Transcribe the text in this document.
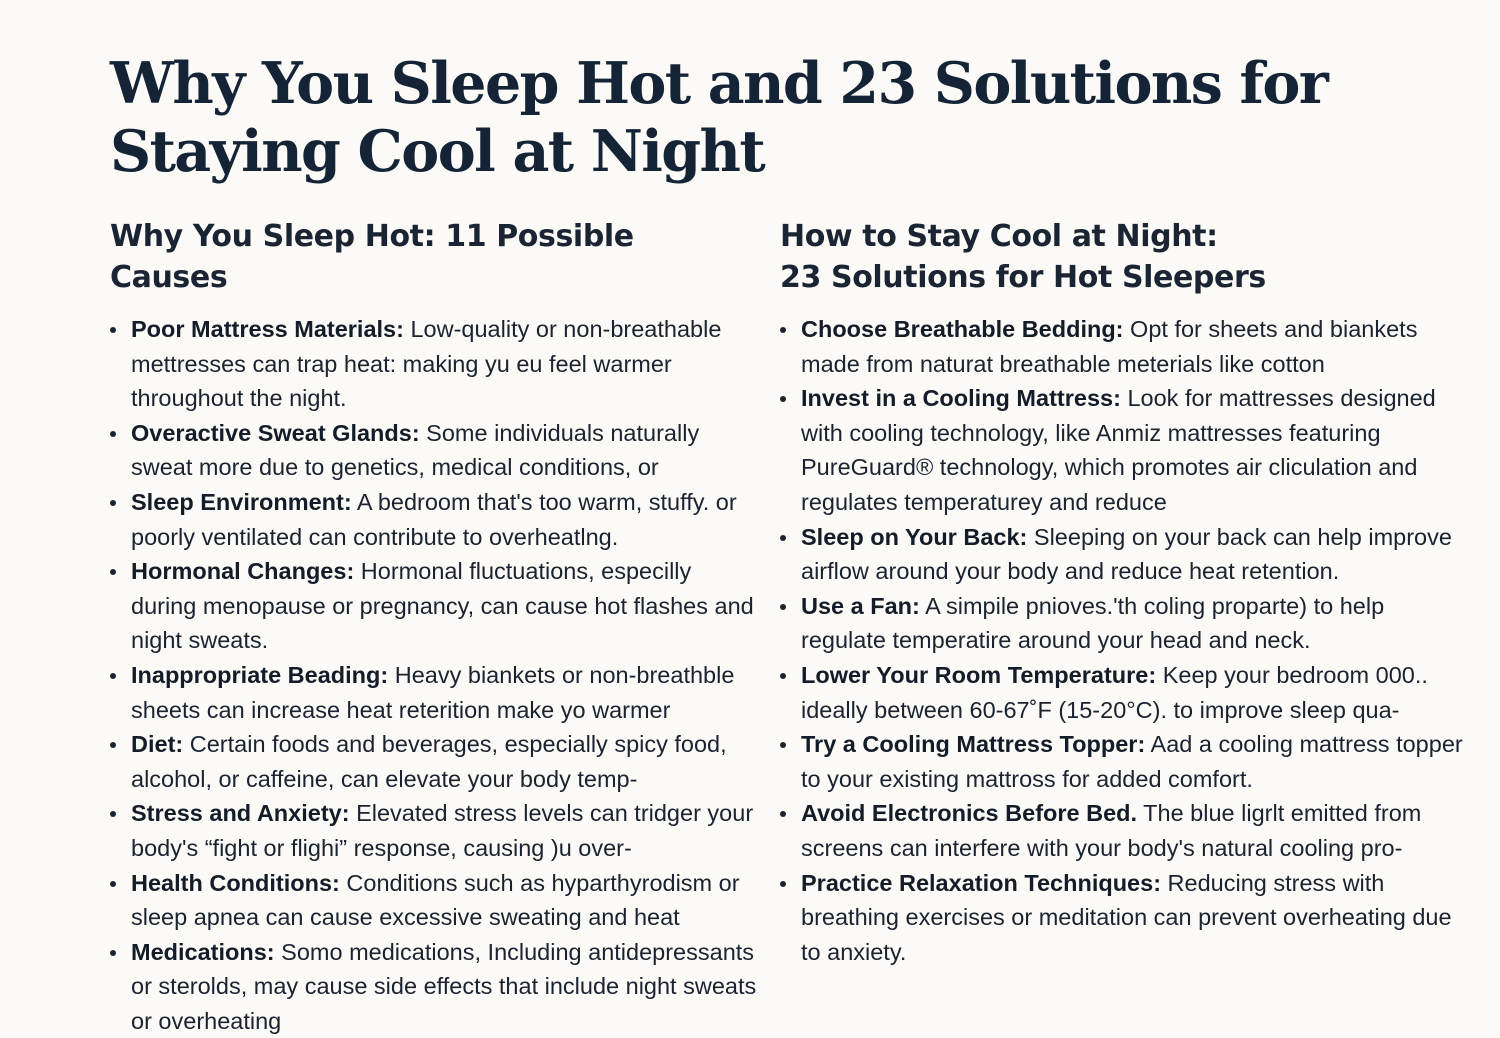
Why You Sleep Hot and 23 Solutions for Staying Cool at Night
Why You Sleep Hot: 11 Possible Causes
Poor Mattress Materials: Low-quality or non-breathable mettresses can trap heat: making yu eu feel warmer throughout the night.
Overactive Sweat Glands: Some individuals naturally sweat more due to genetics, medical conditions, or
Sleep Environment: A bedroom that's too warm, stuffy. or poorly ventilated can contribute to overheatlng.
Hormonal Changes: Hormonal fluctuations, especilly during menopause or pregnancy, can cause hot flashes and night sweats.
Inappropriate Beading: Heavy biankets or non-breathble sheets can increase heat reterition make yo warmer
Diet: Certain foods and beverages, especially spicy food, alcohol, or caffeine, can elevate your body temp-
Stress and Anxiety: Elevated stress levels can tridger your body's “fight or flighi” response, causing )u over-
Health Conditions: Conditions such as hyparthyrodism or sleep apnea can cause excessive sweating and heat
Medications: Somo medications, Including antidepressants or sterolds, may cause side effects that include night sweats or overheating
How to Stay Cool at Night:
23 Solutions for Hot Sleepers
Choose Breathable Bedding: Opt for sheets and biankets made from naturat breathable meterials like cotton
Invest in a Cooling Mattress: Look for mattresses designed with cooling technology, like Anmiz mattresses featuring PureGuard® technology, which promotes air cliculation and regulates temperaturey and reduce
Sleep on Your Back: Sleeping on your back can help improve airflow around your body and reduce heat retention.
Use a Fan: A simpile pnioves.'th coling proparte) to help regulate temperatire around your head and neck.
Lower Your Room Temperature: Keep your bedroom 000.. ideally between 60-67˚F (15-20°C). to improve sleep qua-
Try a Cooling Mattress Topper: Aad a cooling mattress topper to your existing mattross for added comfort.
Avoid Electronics Before Bed. The blue ligrlt emitted from screens can interfere with your body's natural cooling pro-
Practice Relaxation Techniques: Reducing stress with breathing exercises or meditation can prevent overheating due to anxiety.
